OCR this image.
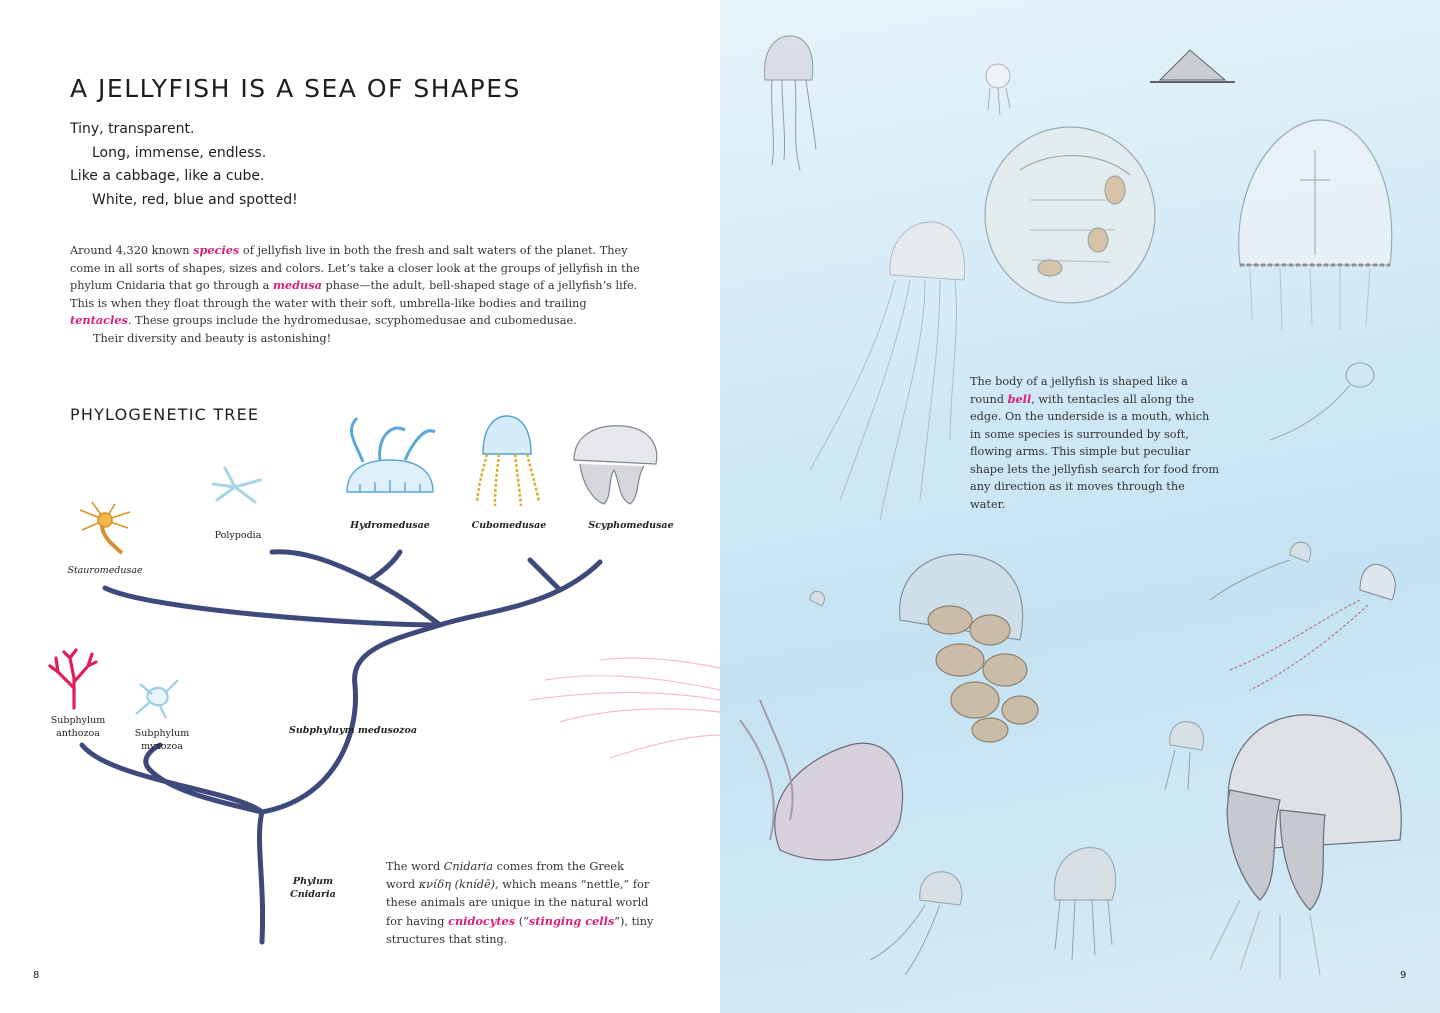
A JELLYFISH IS A SEA OF SHAPES
Tiny, transparent.
Long, immense, endless.
Like a cabbage, like a cube.
White, red, blue and spotted!

Around 4,320 known species of jellyfish live in both the fresh and salt waters of the planet. They come in all sorts of shapes, sizes and colors. Let’s take a closer look at the groups of jellyfish in the phylum Cnidaria that go through a medusa phase—the adult, bell-shaped stage of a jellyfish’s life. This is when they float through the water with their soft, umbrella-like bodies and trailing tentacles. These groups include the hydromedusae, scyphomedusae and cubomedusae.

Their diversity and beauty is astonishing!

PHYLOGENETIC TREE
Polypodia
Hydromedusae	Cubomedusae	Scyphomedusae
Stauromedusae
Subphylum
anthozoa	Subphylum
myxozoa
Subphyluym medusozoa
Phylum
Cnidaria
The word Cnidaria comes from the Greek word κνίδη (knídē), which means “nettle,” for these animals are unique in the natural world for having cnidocytes (“stinging cells”), tiny structures that sting.
8
The body of a jellyfish is shaped like a round bell, with tentacles all along the edge. On the underside is a mouth, which in some species is surrounded by soft, flowing arms. This simple but peculiar shape lets the jellyfish search for food from any direction as it moves through the water.
9
